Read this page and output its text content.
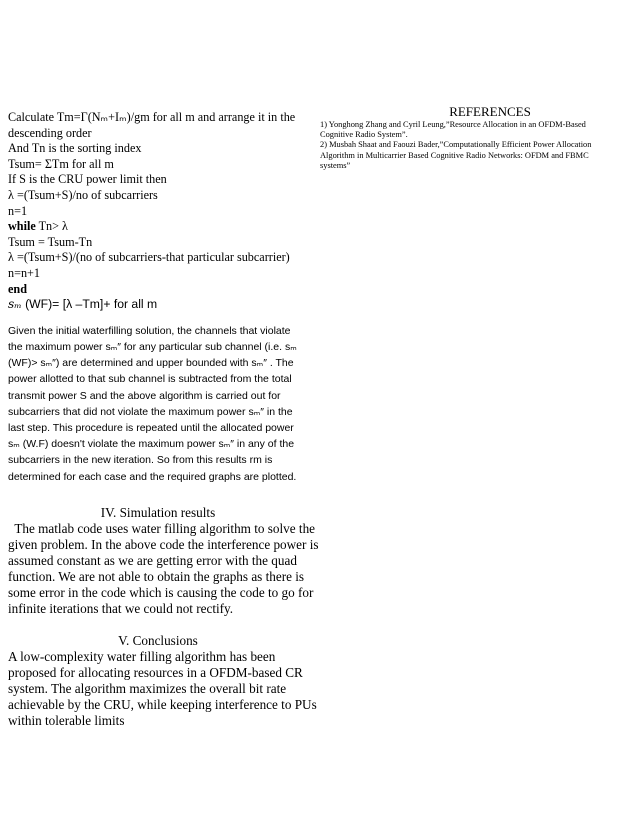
Calculate Tm=Γ(Nₘ+Iₘ)/gm for all m and arrange it in the
descending order
And Tn is the sorting index
Tsum= ΣTm for all m
If S is the CRU power limit then
λ =(Tsum+S)/no of subcarriers
n=1
while Tn> λ
Tsum = Tsum-Tn
λ =(Tsum+S)/(no of subcarriers-that particular subcarrier)
n=n+1
end
sₘ (WF)= [λ –Tm]+ for all m
Given the initial waterfilling solution, the channels that violate
the maximum power sₘ″ for any particular sub channel (i.e. sₘ
(WF)> sₘ″) are determined and upper bounded with sₘ″ . The
power allotted to that sub channel is subtracted from the total
transmit power S and the above algorithm is carried out for
subcarriers that did not violate the maximum power sₘ″ in the
last step. This procedure is repeated until the allocated power
sₘ (W.F) doesn't violate the maximum power sₘ″ in any of the
subcarriers in the new iteration. So from this results rm is
determined for each case and the required graphs are plotted.
IV. Simulation results
The matlab code uses water filling algorithm to solve the
given problem. In the above code the interference power is
assumed constant as we are getting error with the quad
function. We are not able to obtain the graphs as there is
some error in the code which is causing the code to go for
infinite iterations that we could not rectify.
V. Conclusions
A low-complexity water filling algorithm has been
proposed for allocating resources in a OFDM-based CR
system. The algorithm maximizes the overall bit rate
achievable by the CRU, while keeping interference to PUs
within tolerable limits
REFERENCES
1) Yonghong Zhang and Cyril Leung,”Resource Allocation in an OFDM-Based
Cognitive Radio System”.
2) Musbah Shaat and Faouzi Bader,”Computationally Efficient Power Allocation
Algorithm in Multicarrier Based Cognitive Radio Networks: OFDM and FBMC
systems”
